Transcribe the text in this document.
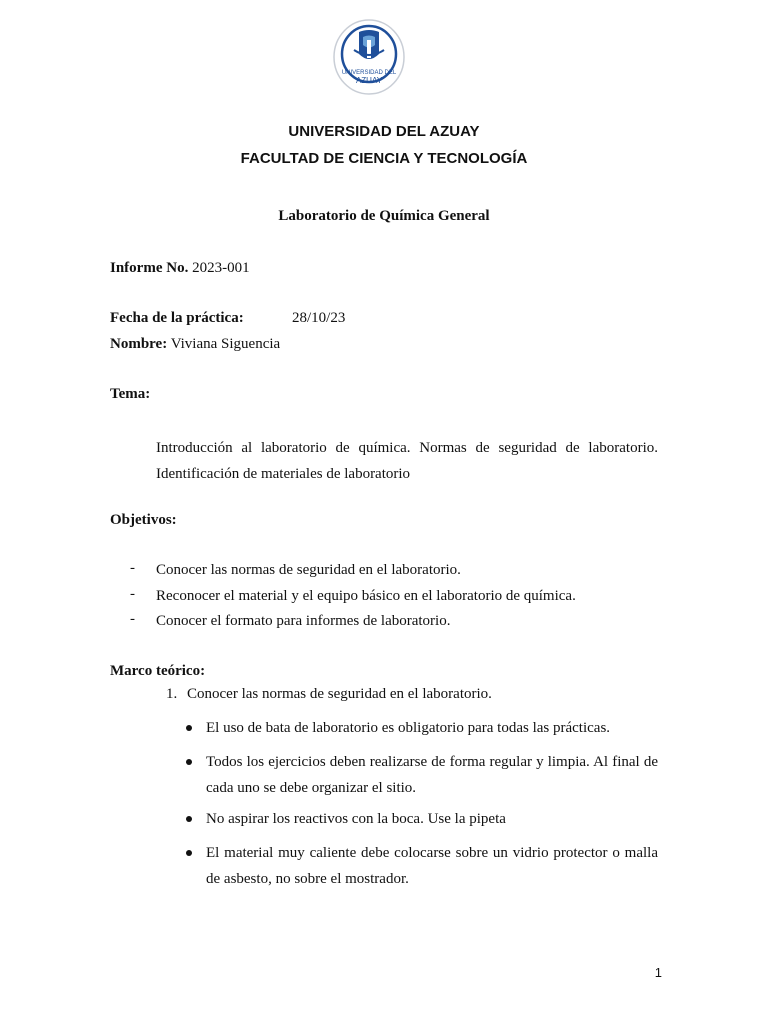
UNIVERSIDAD DEL
AZUAY
UNIVERSIDAD DEL AZUAY
FACULTAD DE CIENCIA Y TECNOLOGÍA
Laboratorio de Química General
Informe No. 2023-001
Fecha de la práctica:	28/10/23
Nombre: Viviana Siguencia
Tema:
Introducción al laboratorio de química. Normas de seguridad de laboratorio. Identificación de materiales de laboratorio
Objetivos:
- Conocer las normas de seguridad en el laboratorio.
- Reconocer el material y el equipo básico en el laboratorio de química.
- Conocer el formato para informes de laboratorio.
Marco teórico:
1. Conocer las normas de seguridad en el laboratorio.
El uso de bata de laboratorio es obligatorio para todas las prácticas.
Todos los ejercicios deben realizarse de forma regular y limpia. Al final de cada uno se debe organizar el sitio.
No aspirar los reactivos con la boca. Use la pipeta
El material muy caliente debe colocarse sobre un vidrio protector o malla de asbesto, no sobre el mostrador.
1
